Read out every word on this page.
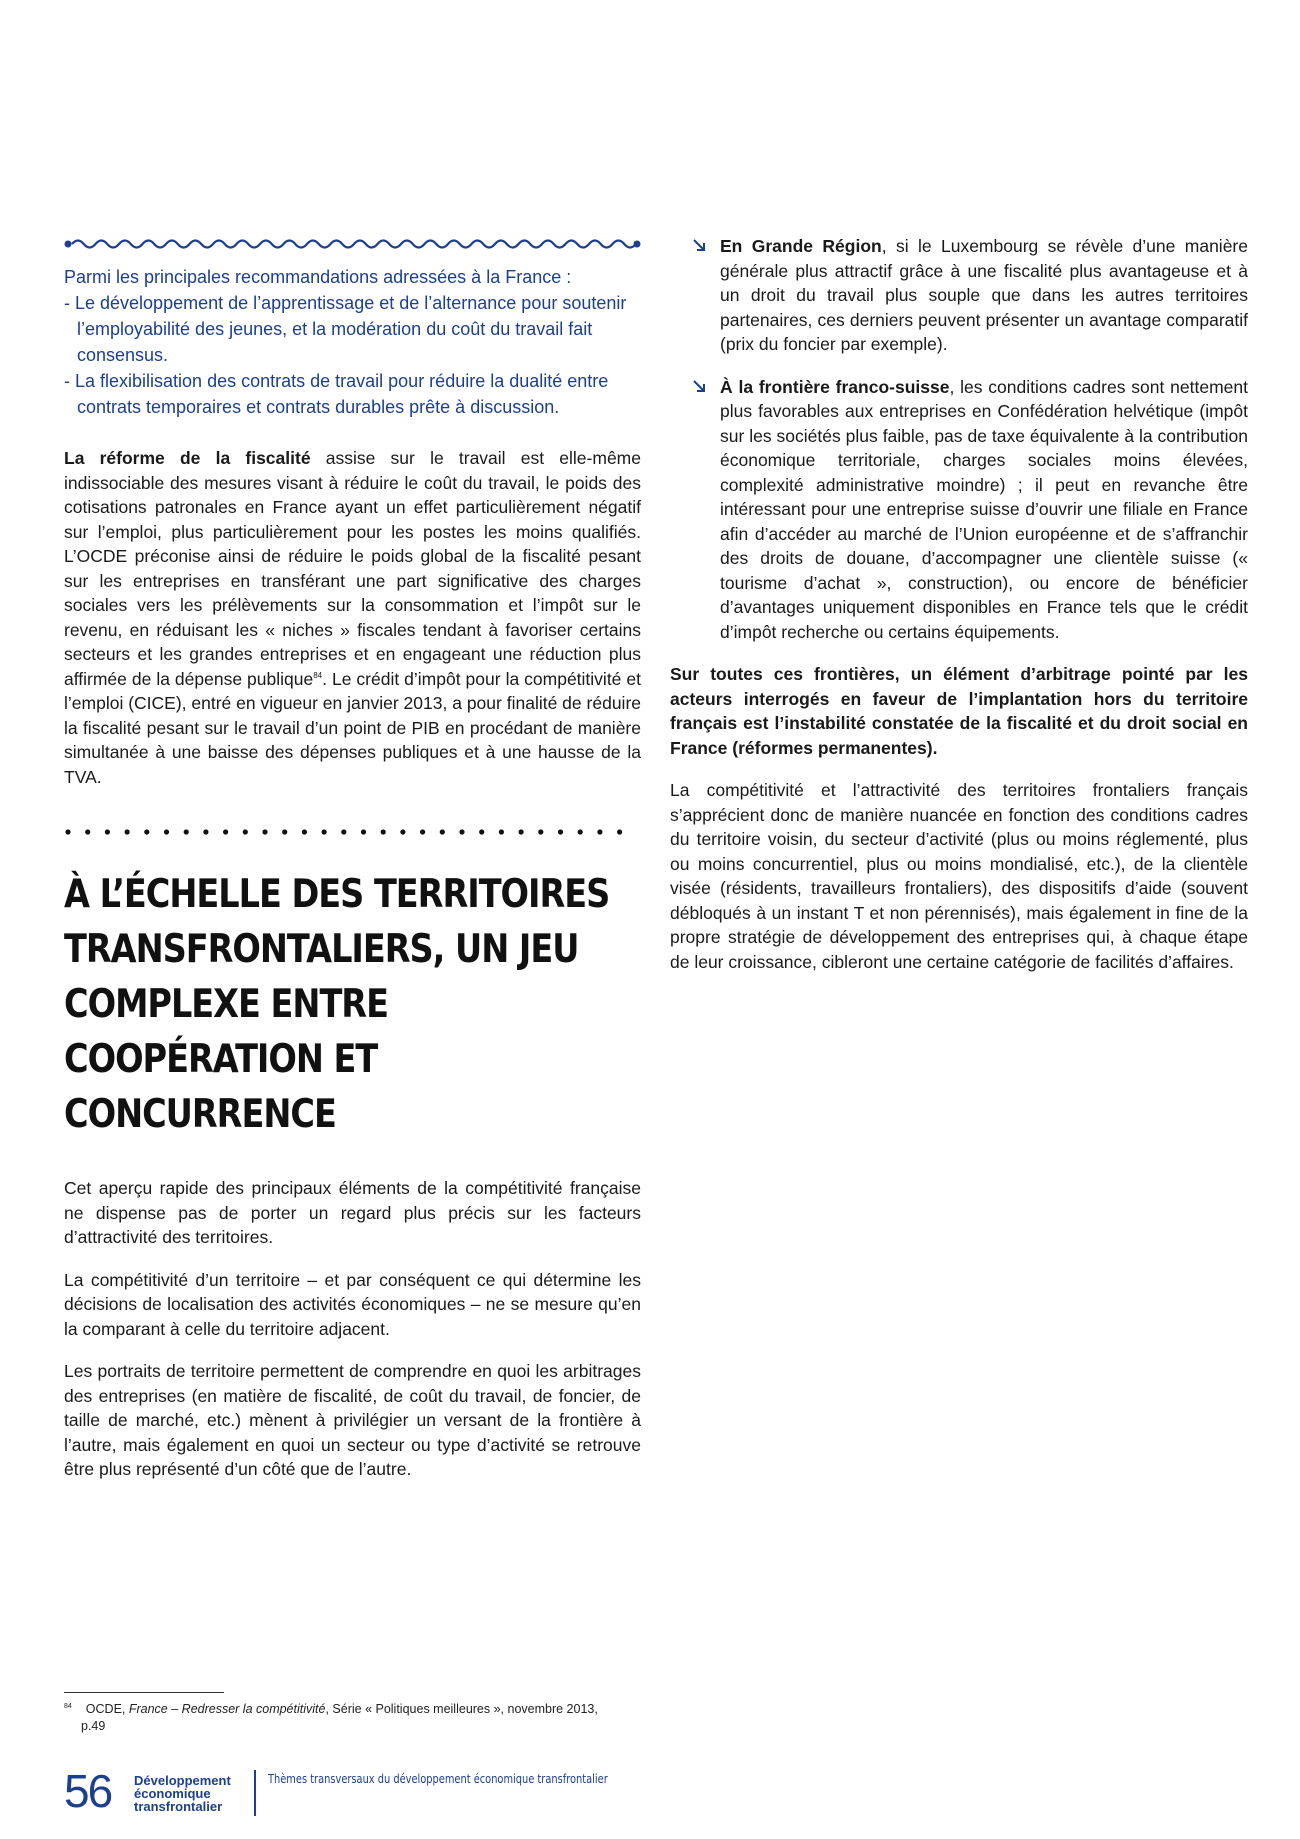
Parmi les principales recommandations adressées à la France :

- Le développement de l’apprentissage et de l’alternance pour soutenir l’employabilité des jeunes, et la modération du coût du travail fait consensus.

- La flexibilisation des contrats de travail pour réduire la dualité entre contrats temporaires et contrats durables prête à discussion.

La réforme de la fiscalité assise sur le travail est elle-même indissociable des mesures visant à réduire le coût du travail, le poids des cotisations patronales en France ayant un effet particulièrement négatif sur l’emploi, plus particulièrement pour les postes les moins qualifiés. L’OCDE préconise ainsi de réduire le poids global de la fiscalité pesant sur les entreprises en transférant une part significative des charges sociales vers les prélèvements sur la consommation et l’impôt sur le revenu, en réduisant les « niches » fiscales tendant à favoriser certains secteurs et les grandes entreprises et en engageant une réduction plus affirmée de la dépense publique$^{84}$. Le crédit d’impôt pour la compétitivité et l’emploi (CICE), entré en vigueur en janvier 2013, a pour finalité de réduire la fiscalité pesant sur le travail d’un point de PIB en procédant de manière simultanée à une baisse des dépenses publiques et à une hausse de la TVA.

À L’ÉCHELLE DES TERRITOIRES TRANSFRONTALIERS, UN JEU COMPLEXE ENTRE COOPÉRATION ET CONCURRENCE

Cet aperçu rapide des principaux éléments de la compétitivité française ne dispense pas de porter un regard plus précis sur les facteurs d’attractivité des territoires.

La compétitivité d’un territoire – et par conséquent ce qui détermine les décisions de localisation des activités économiques – ne se mesure qu’en la comparant à celle du territoire adjacent.

Les portraits de territoire permettent de comprendre en quoi les arbitrages des entreprises (en matière de fiscalité, de coût du travail, de foncier, de taille de marché, etc.) mènent à privilégier un versant de la frontière à l’autre, mais également en quoi un secteur ou type d’activité se retrouve être plus représenté d’un côté que de l’autre.

En Grande Région, si le Luxembourg se révèle d’une manière générale plus attractif grâce à une fiscalité plus avantageuse et à un droit du travail plus souple que dans les autres territoires partenaires, ces derniers peuvent présenter un avantage comparatif (prix du foncier par exemple).

À la frontière franco-suisse, les conditions cadres sont nettement plus favorables aux entreprises en Confédération helvétique (impôt sur les sociétés plus faible, pas de taxe équivalente à la contribution économique territoriale, charges sociales moins élevées, complexité administrative moindre) ; il peut en revanche être intéressant pour une entreprise suisse d’ouvrir une filiale en France afin d’accéder au marché de l’Union européenne et de s’affranchir des droits de douane, d’accompagner une clientèle suisse (« tourisme d’achat », construction), ou encore de bénéficier d’avantages uniquement disponibles en France tels que le crédit d’impôt recherche ou certains équipements.

Sur toutes ces frontières, un élément d’arbitrage pointé par les acteurs interrogés en faveur de l’implantation hors du territoire français est l’instabilité constatée de la fiscalité et du droit social en France (réformes permanentes).

La compétitivité et l’attractivité des territoires frontaliers français s’apprécient donc de manière nuancée en fonction des conditions cadres du territoire voisin, du secteur d’activité (plus ou moins réglementé, plus ou moins concurrentiel, plus ou moins mondialisé, etc.), de la clientèle visée (résidents, travailleurs frontaliers), des dispositifs d’aide (souvent débloqués à un instant T et non pérennisés), mais également in fine de la propre stratégie de développement des entreprises qui, à chaque étape de leur croissance, cibleront une certaine catégorie de facilités d’affaires.

$^{84}$ OCDE, France – Redresser la compétitivité, Série « Politiques meilleures », novembre 2013,
p.49
56 Développement
économique
transfrontalier
Thèmes transversaux du développement économique transfrontalier
